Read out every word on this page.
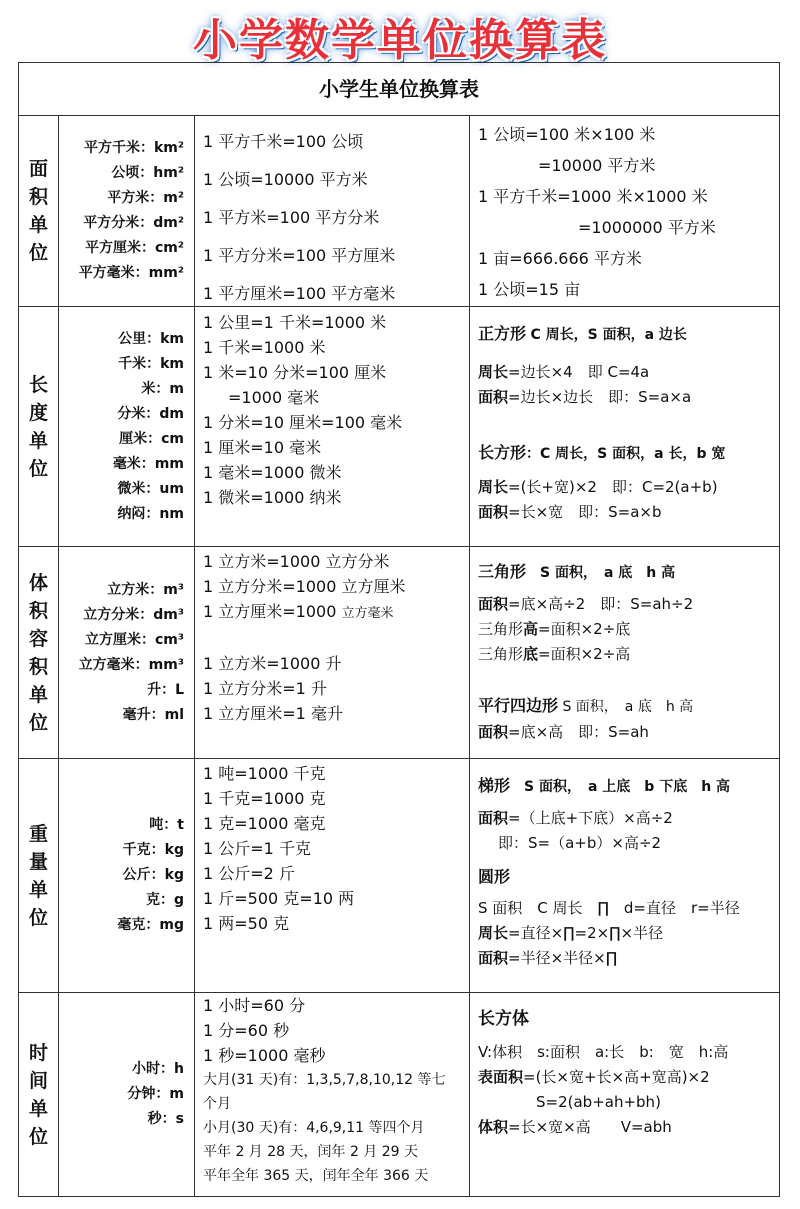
小学数学单位换算表
小学生单位换算表
面积单位
平方千米：km²
公顷：hm²
平方米：m²
平方分米：dm²
平方厘米：cm²
平方毫米：mm²
1 平方千米=100 公顷
1 公顷=10000 平方米
1 平方米=100 平方分米
1 平方分米=100 平方厘米
1 平方厘米=100 平方毫米
1 公顷=100 米×100 米
=10000 平方米
1 平方千米=1000 米×1000 米
=1000000 平方米
1 亩=666.666 平方米
1 公顷=15 亩
长度单位
公里：km
千米：km
米：m
分米：dm
厘米：cm
毫米：mm
微米：um
纳闷：nm
1 公里=1 千米=1000 米
1 千米=1000 米
1 米=10 分米=100 厘米
=1000 毫米
1 分米=10 厘米=100 毫米
1 厘米=10 毫米
1 毫米=1000 微米
1 微米=1000 纳米
正方形 C 周长，S 面积，a 边长
周长=边长×4　即 C=4a
面积=边长×边长　即：S=a×a
长方形：C 周长，S 面积，a 长，b 宽
周长=(长+宽)×2　即：C=2(a+b)
面积=长×宽　即：S=a×b
体积容积单位
立方米：m³
立方分米：dm³
立方厘米：cm³
立方毫米：mm³
升：L
毫升：ml
1 立方米=1000 立方分米
1 立方分米=1000 立方厘米
1 立方厘米=1000 立方毫米
1 立方米=1000 升
1 立方分米=1 升
1 立方厘米=1 毫升
三角形　 S 面积，　a 底　h 高
面积=底×高÷2　即：S=ah÷2
三角形高=面积×2÷底
三角形底=面积×2÷高
平行四边形 S 面积，　a 底　h 高
面积=底×高　即：S=ah
重量单位
吨：t
千克：kg
公斤：kg
克：g
毫克：mg
1 吨=1000 千克
1 千克=1000 克
1 克=1000 毫克
1 公斤=1 千克
1 公斤=2 斤
1 斤=500 克=10 两
1 两=50 克
梯形　 S 面积，　a 上底　b 下底　h 高
面积=（上底+下底）×高÷2
即：S=（a+b）×高÷2
圆形
S 面积　C 周长　∏　d=直径　r=半径
周长=直径×∏=2×∏×半径
面积=半径×半径×∏
时间单位
小时：h
分钟：m
秒：s
1 小时=60 分
1 分=60 秒
1 秒=1000 毫秒
大月(31 天)有：1,3,5,7,8,10,12 等七
个月
小月(30 天)有：4,6,9,11 等四个月
平年 2 月 28 天，闰年 2 月 29 天
平年全年 365 天，闰年全年 366 天
长方体
V:体积　s:面积　a:长　b:　宽　h:高
表面积=(长×宽+长×高+宽高)×2
S=2(ab+ah+bh)
体积=长×宽×高　　V=abh
